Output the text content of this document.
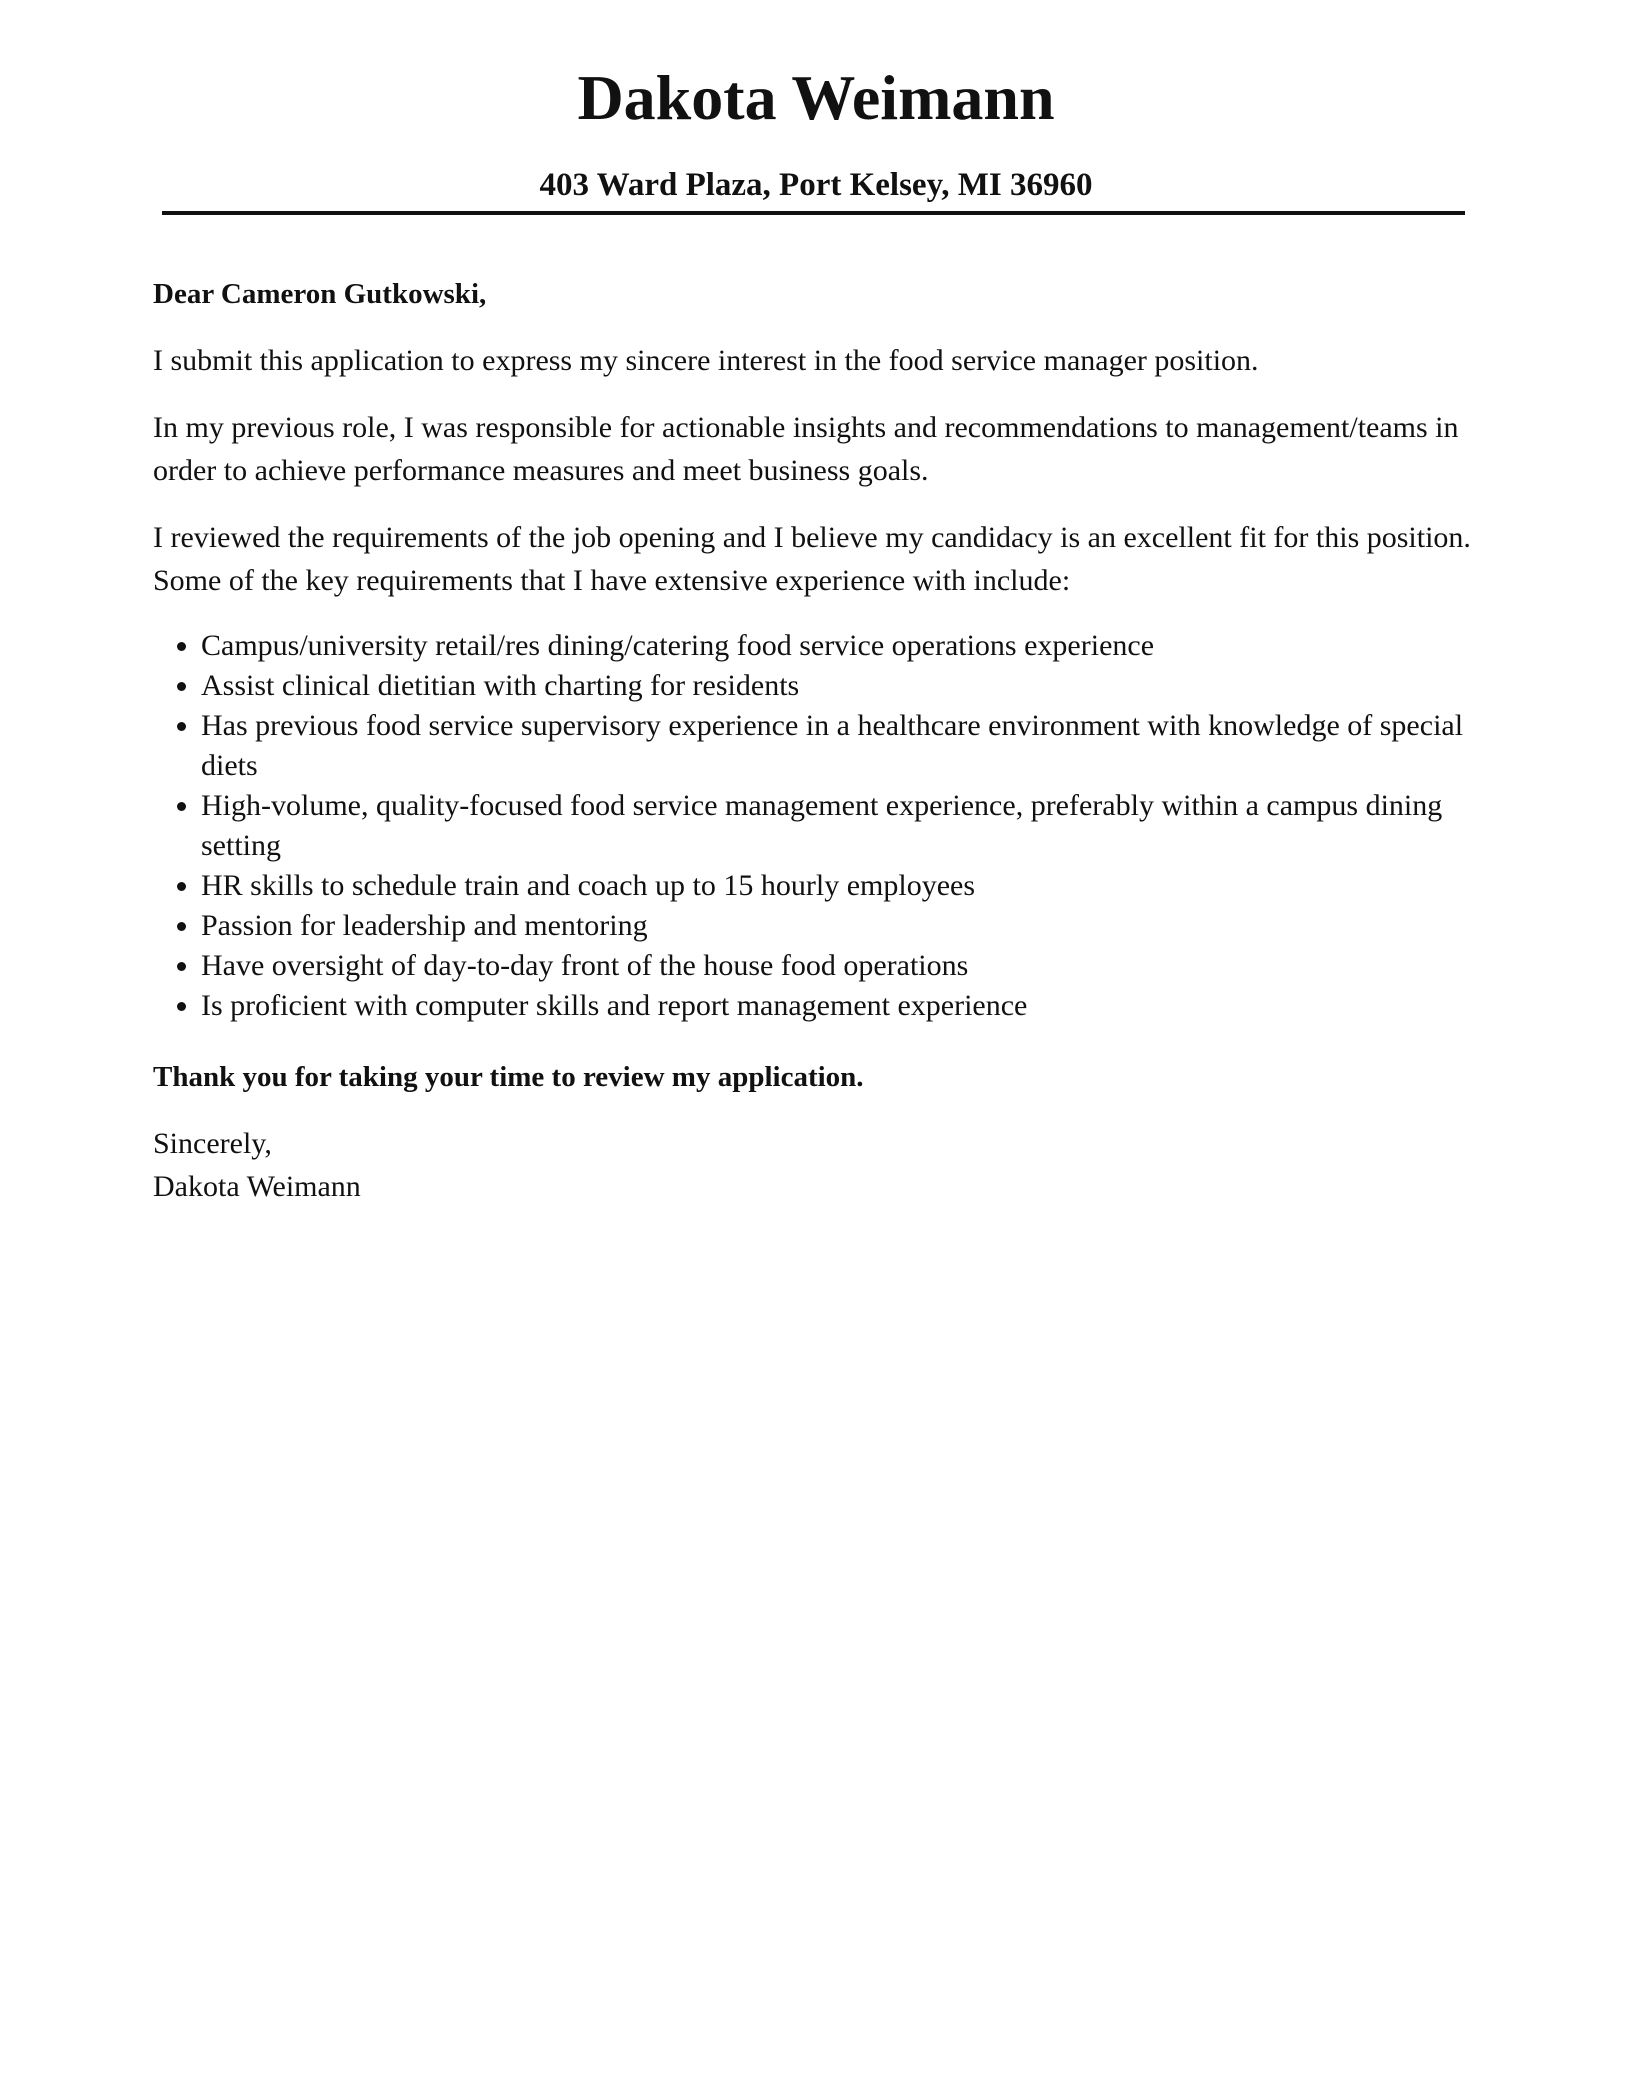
Dakota Weimann

403 Ward Plaza, Port Kelsey, MI 36960

Dear Cameron Gutkowski,

I submit this application to express my sincere interest in the food service manager position.

In my previous role, I was responsible for actionable insights and recommendations to management/teams in order to achieve performance measures and meet business goals.

I reviewed the requirements of the job opening and I believe my candidacy is an excellent fit for this position. Some of the key requirements that I have extensive experience with include:

• Campus/university retail/res dining/catering food service operations experience
• Assist clinical dietitian with charting for residents
• Has previous food service supervisory experience in a healthcare environment with knowledge of special diets
• High-volume, quality-focused food service management experience, preferably within a campus dining setting
• HR skills to schedule train and coach up to 15 hourly employees
• Passion for leadership and mentoring
• Have oversight of day-to-day front of the house food operations
• Is proficient with computer skills and report management experience

Thank you for taking your time to review my application.

Sincerely,

Dakota Weimann
